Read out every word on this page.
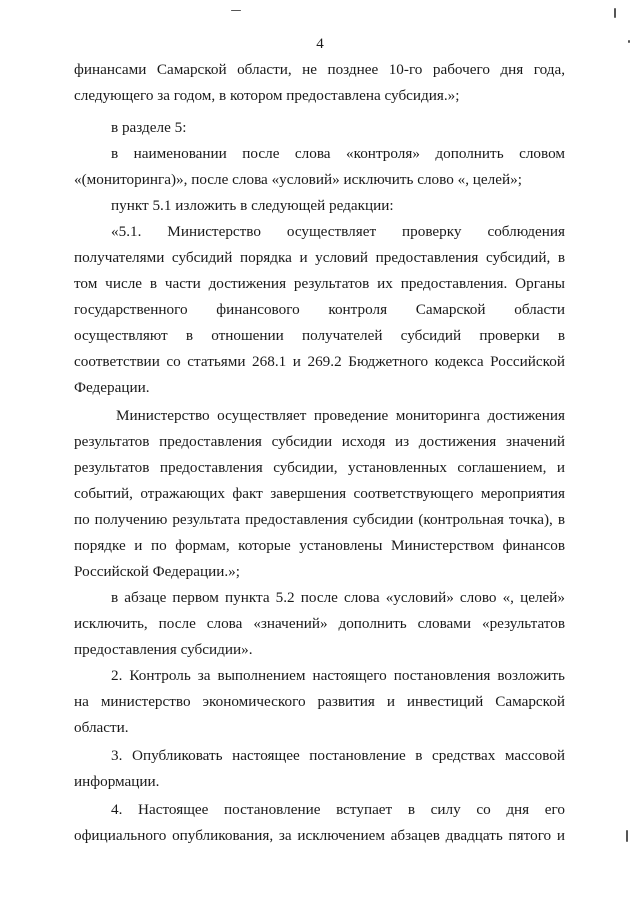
4
финансами Самарской области, не позднее 10-го рабочего дня года,
следующего за годом, в котором предоставлена субсидия.»;
в разделе 5:
в наименовании после слова «контроля» дополнить словом
«(мониторинга)», после слова «условий» исключить слово «, целей»;
пункт 5.1 изложить в следующей редакции:
«5.1. Министерство осуществляет проверку соблюдения
получателями субсидий порядка и условий предоставления субсидий, в
том числе в части достижения результатов их предоставления. Органы
государственного финансового контроля Самарской области
осуществляют в отношении получателей субсидий проверки в
соответствии со статьями 268.1 и 269.2 Бюджетного кодекса Российской
Федерации.
Министерство осуществляет проведение мониторинга достижения
результатов предоставления субсидии исходя из достижения значений
результатов предоставления субсидии, установленных соглашением, и
событий, отражающих факт завершения соответствующего мероприятия
по получению результата предоставления субсидии (контрольная точка), в
порядке и по формам, которые установлены Министерством финансов
Российской Федерации.»;
в абзаце первом пункта 5.2 после слова «условий» слово «, целей»
исключить, после слова «значений» дополнить словами «результатов
предоставления субсидии».
2. Контроль за выполнением настоящего постановления возложить
на министерство экономического развития и инвестиций Самарской
области.
3. Опубликовать настоящее постановление в средствах массовой
информации.
4. Настоящее постановление вступает в силу со дня его
официального опубликования, за исключением абзацев двадцать пятого и
